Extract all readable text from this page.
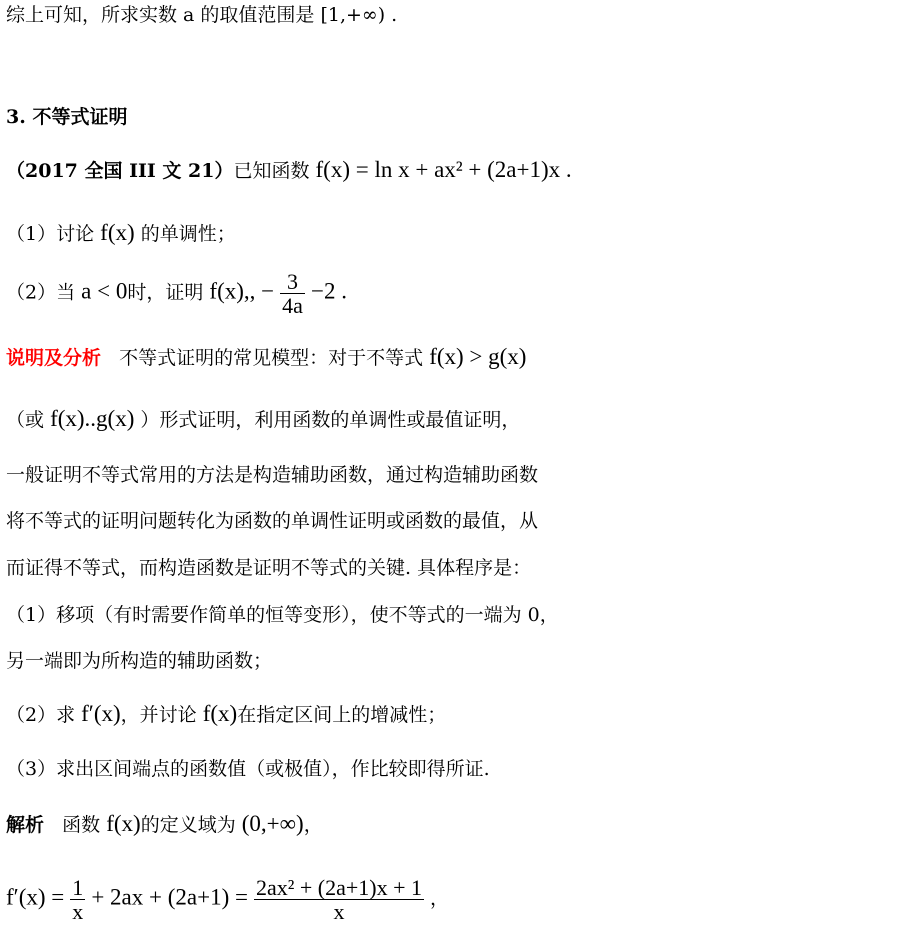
综上可知，所求实数 a 的取值范围是 [1,+∞) .
3. 不等式证明
（2017 全国 III 文 21）已知函数 f(x) = ln x + ax² + (2a+1)x .
（1）讨论 f(x) 的单调性；
（2）当 a < 0时，证明 f(x),, − $\frac{3}{4a} -2$ .
说明及分析 不等式证明的常见模型：对于不等式 f(x) > g(x)
（或 f(x)..g(x) ）形式证明，利用函数的单调性或最值证明，
一般证明不等式常用的方法是构造辅助函数，通过构造辅助函数
将不等式的证明问题转化为函数的单调性证明或函数的最值，从
而证得不等式，而构造函数是证明不等式的关键. 具体程序是：
（1）移项（有时需要作简单的恒等变形），使不等式的一端为 0，
另一端即为所构造的辅助函数；
（2）求 f′(x)，并讨论 f(x)在指定区间上的增减性；
（3）求出区间端点的函数值（或极值），作比较即得所证.
解析 函数 f(x)的定义域为 (0,+∞)，
$f'(x) = \frac{1}{x} + 2ax + (2a+1) = \frac{\text{2ax² + (2a+1)x + 1}}{x}$ ，
